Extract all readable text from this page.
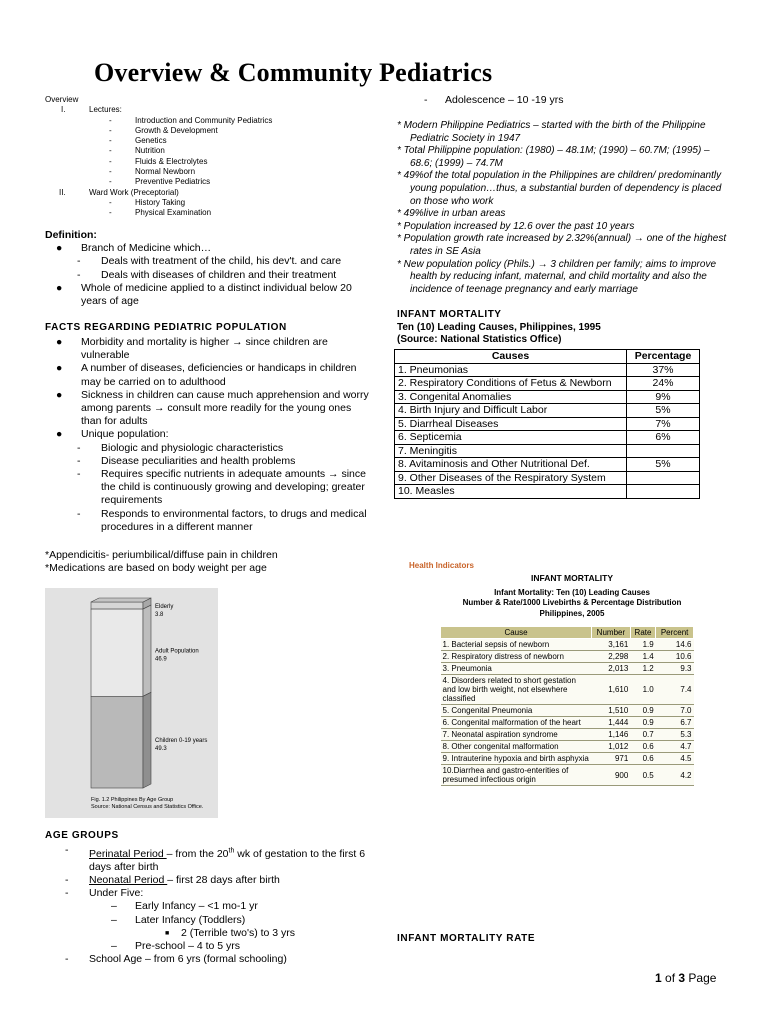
Overview & Community Pediatrics
Overview
I.	Lectures:
-	Introduction and Community Pediatrics
-	Growth & Development
-	Genetics
-	Nutrition
-	Fluids & Electrolytes
-	Normal Newborn
-	Preventive Pediatrics
II.	Ward Work (Preceptorial)
-	History Taking
-	Physical Examination
Definition:
● Branch of Medicine which…
- Deals with treatment of the child, his dev't. and care
- Deals with diseases of children and their treatment
● Whole of medicine applied to a distinct individual below 20 years of age
FACTS REGARDING PEDIATRIC POPULATION
● Morbidity and mortality is higher → since children are vulnerable
● A number of diseases, deficiencies or handicaps in children may be carried on to adulthood
● Sickness in children can cause much apprehension and worry among parents → consult more readily for the young ones than for adults
● Unique population:
- Biologic and physiologic characteristics
- Disease peculiarities and health problems
- Requires specific nutrients in adequate amounts → since the child is continuously growing and developing; greater requirements
- Responds to environmental factors, to drugs and medical procedures in a different manner
*Appendicitis- periumbilical/diffuse pain in children
*Medications are based on body weight per age
Elderly
3.8
Adult Population
46.9
Children 0-19 years
49.3
Fig. 1.2 Philippines By Age Group
Source: National Census and Statistics Office.
AGE GROUPS
- Perinatal Period – from the 20th wk of gestation to the first 6 days after birth
- Neonatal Period – first 28 days after birth
- Under Five:
– Early Infancy – <1 mo-1 yr
– Later Infancy (Toddlers)
■ 2 (Terrible two's) to 3 yrs
– Pre-school – 4 to 5 yrs
- School Age – from 6 yrs (formal schooling)
-      Adolescence – 10 -19 yrs
* Modern Philippine Pediatrics – started with the birth of the Philippine Pediatric Society in 1947
* Total Philippine population: (1980) – 48.1M; (1990) – 60.7M; (1995) – 68.6; (1999) – 74.7M
* 49%of the total population in the Philippines are children/ predominantly young population…thus, a substantial burden of dependency is placed on those who work
* 49%live in urban areas
* Population increased by 12.6 over the past 10 years
* Population growth rate increased by 2.32%(annual) → one of the highest rates in SE Asia
* New population policy (Phils.) → 3 children per family; aims to improve health by reducing infant, maternal, and child mortality and also the incidence of teenage pregnancy and early marriage
INFANT MORTALITY
Ten (10) Leading Causes, Philippines, 1995
(Source: National Statistics Office)
Causes	Percentage
1. Pneumonias	37%
2. Respiratory Conditions of Fetus & Newborn	24%
3. Congenital Anomalies	9%
4. Birth Injury and Difficult Labor	5%
5. Diarrheal Diseases	7%
6. Septicemia	6%
7. Meningitis	
8. Avitaminosis and Other Nutritional Def.	5%
9. Other Diseases of the Respiratory System	
10. Measles	
Health Indicators
INFANT MORTALITY
Infant Mortality: Ten (10) Leading Causes
Number & Rate/1000 Livebirths & Percentage Distribution
Philippines, 2005
Cause	Number	Rate	Percent
1. Bacterial sepsis of newborn	3,161	1.9	14.6
2. Respiratory distress of newborn	2,298	1.4	10.6
3. Pneumonia	2,013	1.2	9.3
4. Disorders related to short gestation and low birth weight, not elsewhere classified	1,610	1.0	7.4
5. Congenital Pneumonia	1,510	0.9	7.0
6. Congenital malformation of the heart	1,444	0.9	6.7
7. Neonatal aspiration syndrome	1,146	0.7	5.3
8. Other congenital malformation	1,012	0.6	4.7
9. Intrauterine hypoxia and birth asphyxia	971	0.6	4.5
10.Diarrhea and gastro-enterities of presumed infectious origin	900	0.5	4.2
INFANT MORTALITY RATE
1 of 3 Page
